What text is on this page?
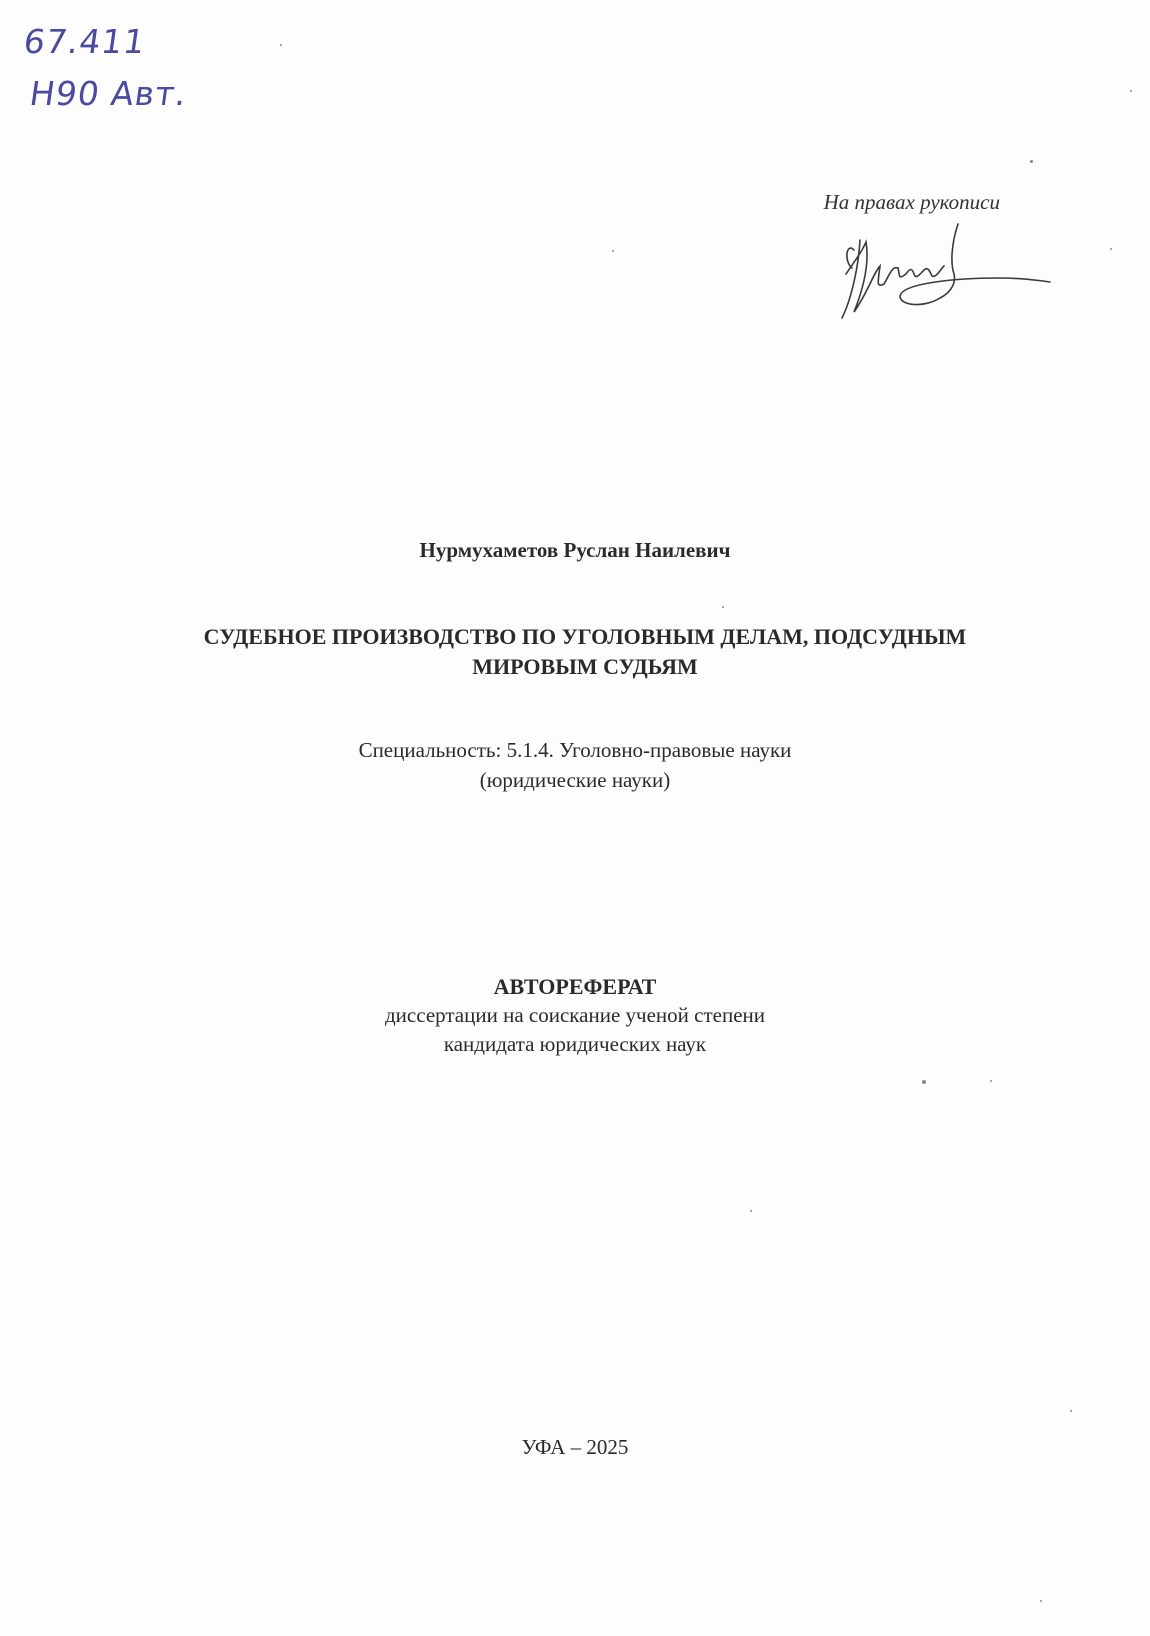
67.411
Н90 Авт.
На правах рукописи
Нурмухаметов Руслан Наилевич
СУДЕБНОЕ ПРОИЗВОДСТВО ПО УГОЛОВНЫМ ДЕЛАМ, ПОДСУДНЫМ
МИРОВЫМ СУДЬЯМ
Специальность: 5.1.4. Уголовно-правовые науки
(юридические науки)
АВТОРЕФЕРАТ
диссертации на соискание ученой степени
кандидата юридических наук
УФА – 2025
